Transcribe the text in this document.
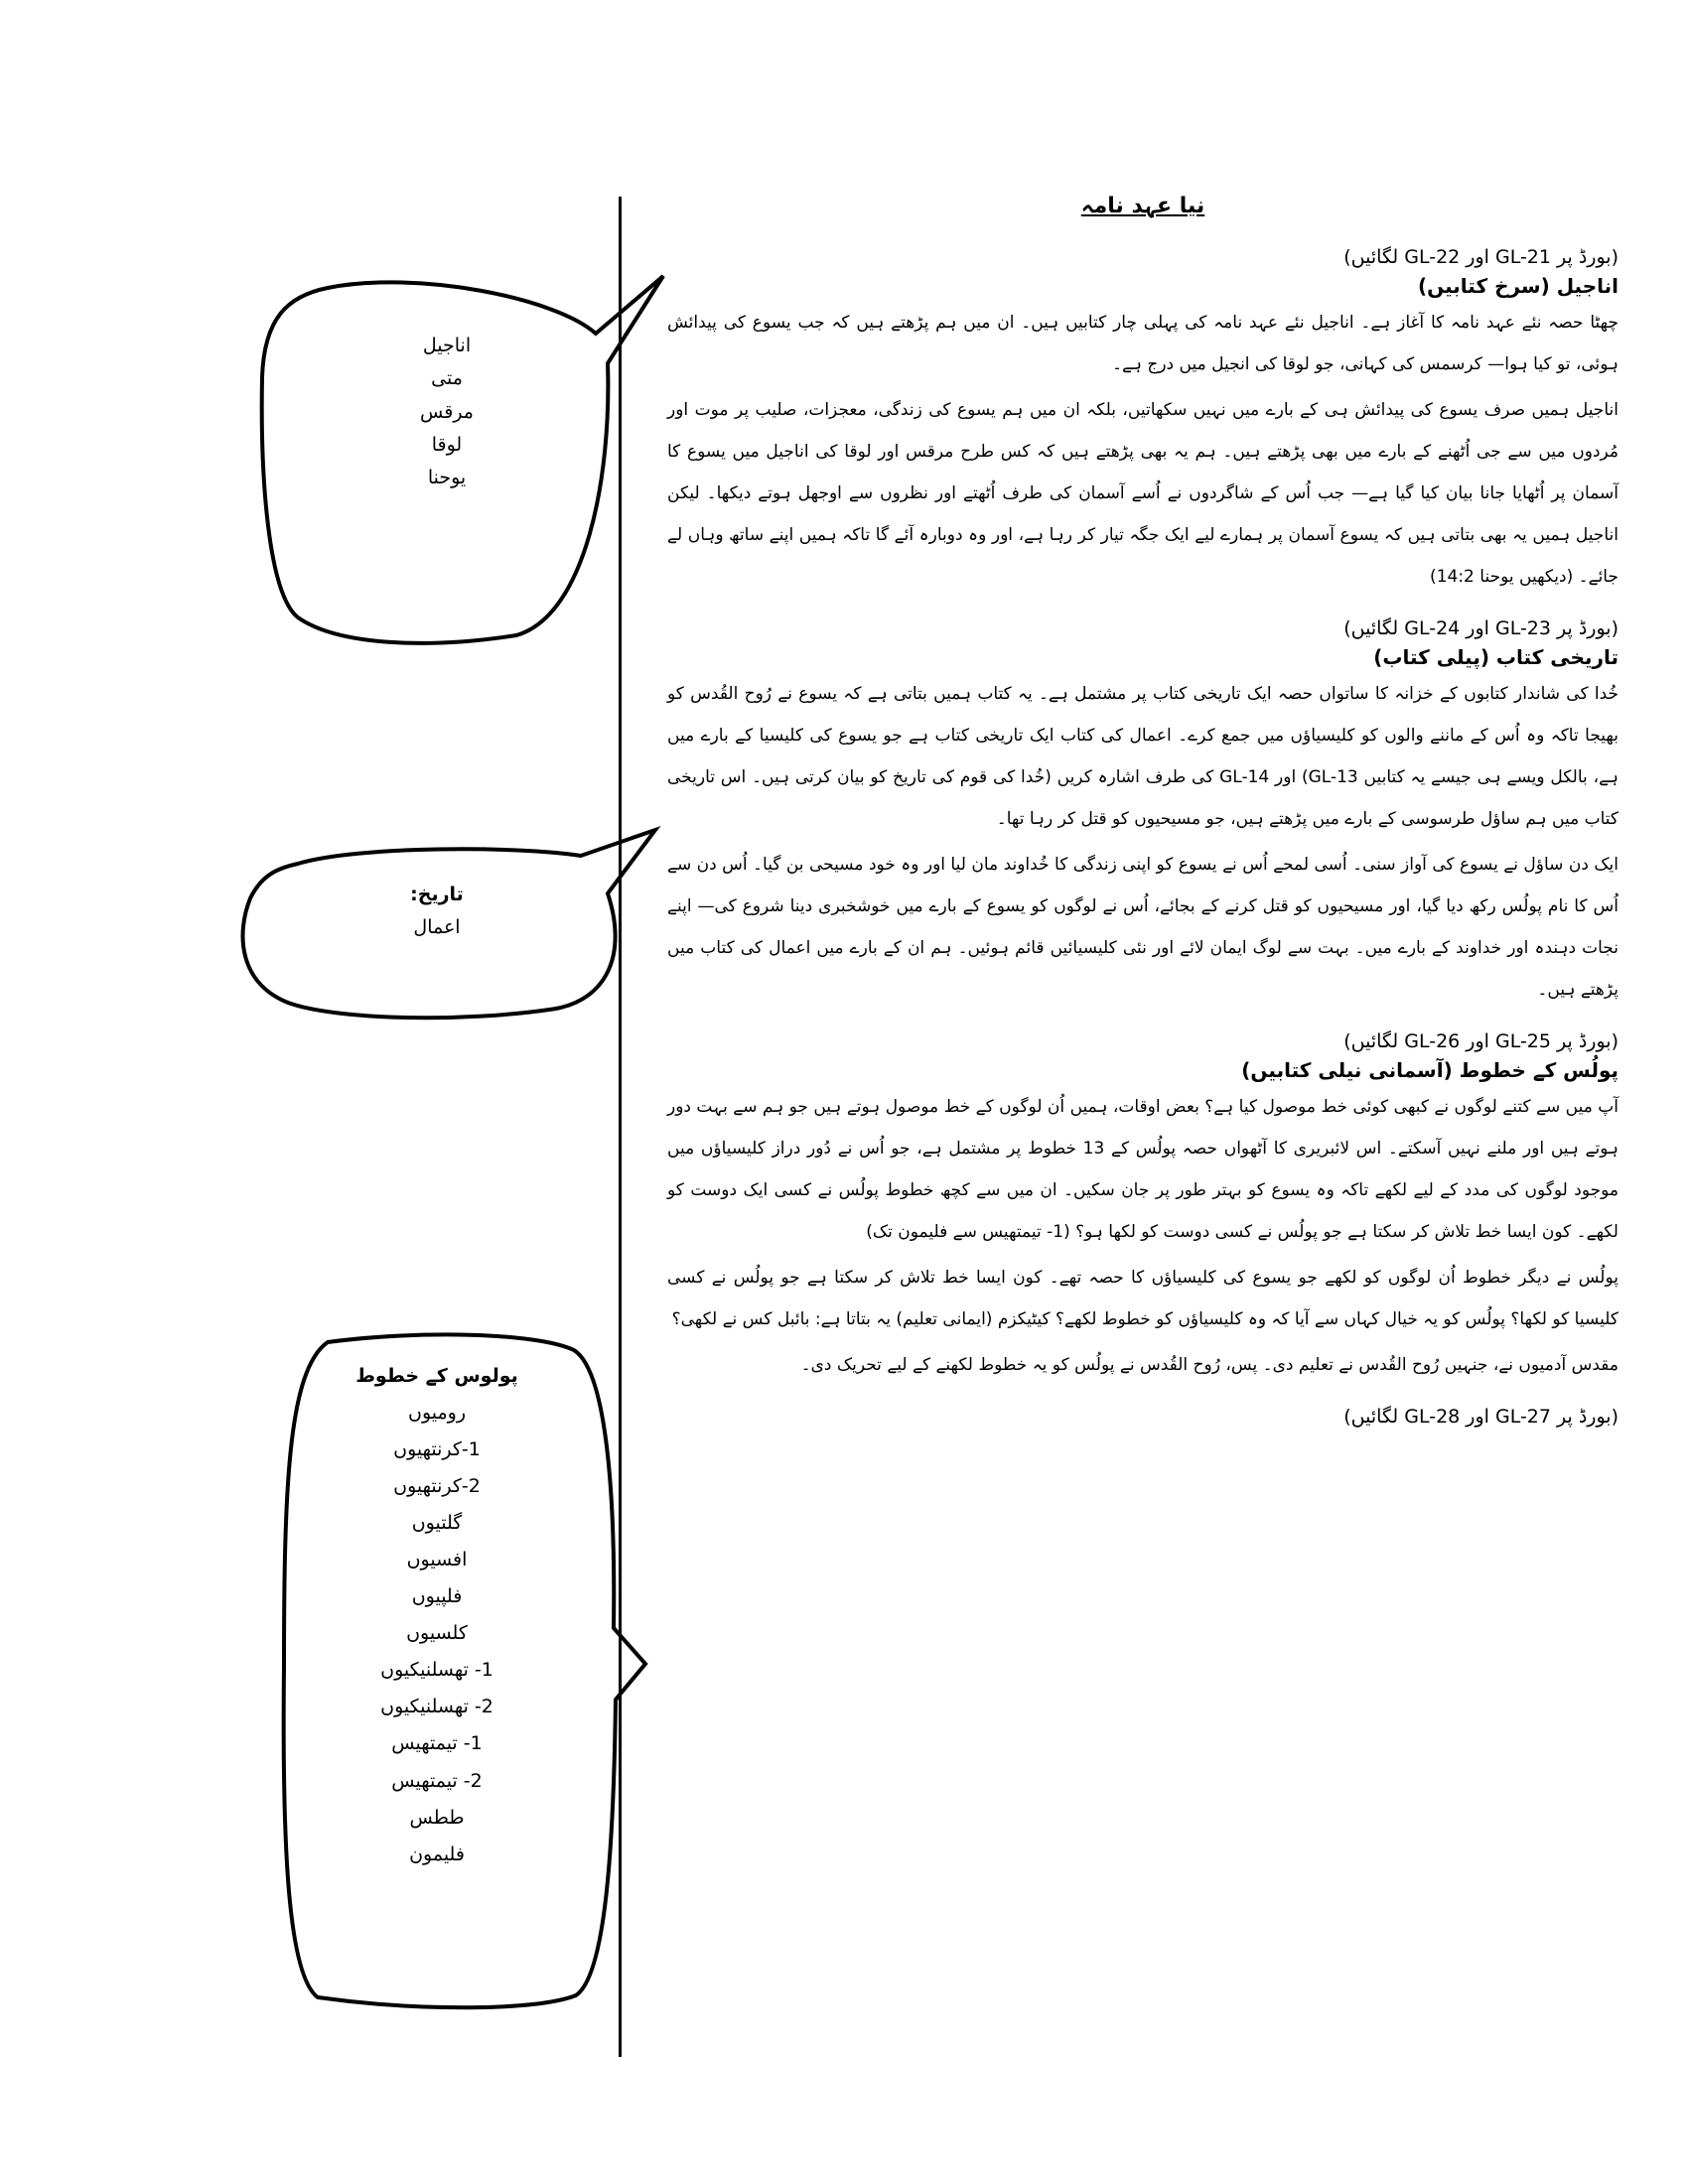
اناجیل
متی
مرقس
لوقا
یوحنا
تاریخ:
اعمال
پولوس کے خطوط
رومیوں
1-کرنتھیوں
2-کرنتھیوں
گلتیوں
افسیوں
فلپیوں
کلسیوں
1- تھسلنیکیوں
2- تھسلنیکیوں
1- تیمتھیس
2- تیمتھیس
ططس
فلیمون
نیا عہد نامہ
(بورڈ پر GL-21 اور GL-22 لگائیں)
اناجیل (سرخ کتابیں)

چھٹا حصہ نئے عہد نامہ کا آغاز ہے۔ اناجیل نئے عہد نامہ کی پہلی چار کتابیں ہیں۔ ان میں ہم پڑھتے ہیں کہ جب یسوع کی پیدائش ہوئی، تو کیا ہوا— کرسمس کی کہانی، جو لوقا کی انجیل میں درج ہے۔

اناجیل ہمیں صرف یسوع کی پیدائش ہی کے بارے میں نہیں سکھاتیں، بلکہ ان میں ہم یسوع کی زندگی، معجزات، صلیب پر موت اور مُردوں میں سے جی اُٹھنے کے بارے میں بھی پڑھتے ہیں۔ ہم یہ بھی پڑھتے ہیں کہ کس طرح مرقس اور لوقا کی اناجیل میں یسوع کا آسمان پر اُٹھایا جانا بیان کیا گیا ہے— جب اُس کے شاگردوں نے اُسے آسمان کی طرف اُٹھتے اور نظروں سے اوجھل ہوتے دیکھا۔ لیکن اناجیل ہمیں یہ بھی بتاتی ہیں کہ یسوع آسمان پر ہمارے لیے ایک جگہ تیار کر رہا ہے، اور وہ دوبارہ آئے گا تاکہ ہمیں اپنے ساتھ وہاں لے جائے۔ (دیکھیں یوحنا 14:2)

(بورڈ پر GL-23 اور GL-24 لگائیں)
تاریخی کتاب (پیلی کتاب)

خُدا کی شاندار کتابوں کے خزانہ کا ساتواں حصہ ایک تاریخی کتاب پر مشتمل ہے۔ یہ کتاب ہمیں بتاتی ہے کہ یسوع نے رُوح القُدس کو بھیجا تاکہ وہ اُس کے ماننے والوں کو کلیسیاؤں میں جمع کرے۔ اعمال کی کتاب ایک تاریخی کتاب ہے جو یسوع کی کلیسیا کے بارے میں ہے، بالکل ویسے ہی جیسے یہ کتابیں GL-13) اور GL-14 کی طرف اشارہ کریں (خُدا کی قوم کی تاریخ کو بیان کرتی ہیں۔ اس تاریخی کتاب میں ہم ساؤل طرسوسی کے بارے میں پڑھتے ہیں، جو مسیحیوں کو قتل کر رہا تھا۔

ایک دن ساؤل نے یسوع کی آواز سنی۔ اُسی لمحے اُس نے یسوع کو اپنی زندگی کا خُداوند مان لیا اور وہ خود مسیحی بن گیا۔ اُس دن سے اُس کا نام پولُس رکھ دیا گیا، اور مسیحیوں کو قتل کرنے کے بجائے، اُس نے لوگوں کو یسوع کے بارے میں خوشخبری دینا شروع کی— اپنے نجات دہندہ اور خداوند کے بارے میں۔ بہت سے لوگ ایمان لائے اور نئی کلیسیائیں قائم ہوئیں۔ ہم ان کے بارے میں اعمال کی کتاب میں پڑھتے ہیں۔

(بورڈ پر GL-25 اور GL-26 لگائیں)
پولُس کے خطوط (آسمانی نیلی کتابیں)

آپ میں سے کتنے لوگوں نے کبھی کوئی خط موصول کیا ہے؟ بعض اوقات، ہمیں اُن لوگوں کے خط موصول ہوتے ہیں جو ہم سے بہت دور ہوتے ہیں اور ملنے نہیں آسکتے۔ اس لائبریری کا آٹھواں حصہ پولُس کے 13 خطوط پر مشتمل ہے، جو اُس نے دُور دراز کلیسیاؤں میں موجود لوگوں کی مدد کے لیے لکھے تاکہ وہ یسوع کو بہتر طور پر جان سکیں۔ ان میں سے کچھ خطوط پولُس نے کسی ایک دوست کو لکھے۔ کون ایسا خط تلاش کر سکتا ہے جو پولُس نے کسی دوست کو لکھا ہو؟ (1- تیمتھیس سے فلیمون تک)

پولُس نے دیگر خطوط اُن لوگوں کو لکھے جو یسوع کی کلیسیاؤں کا حصہ تھے۔ کون ایسا خط تلاش کر سکتا ہے جو پولُس نے کسی کلیسیا کو لکھا؟ پولُس کو یہ خیال کہاں سے آیا کہ وہ کلیسیاؤں کو خطوط لکھے؟ کیٹیکزم (ایمانی تعلیم) یہ بتاتا ہے: بائبل کس نے لکھی؟

مقدس آدمیوں نے، جنہیں رُوح القُدس نے تعلیم دی۔ پس، رُوح القُدس نے پولُس کو یہ خطوط لکھنے کے لیے تحریک دی۔

(بورڈ پر GL-27 اور GL-28 لگائیں)
